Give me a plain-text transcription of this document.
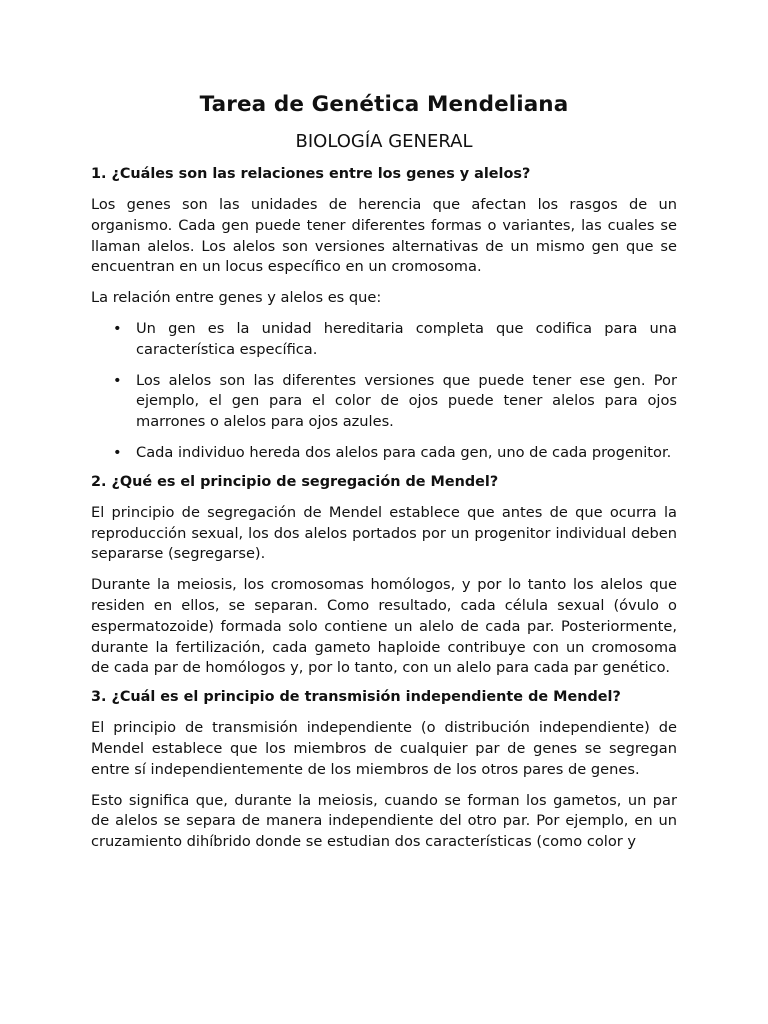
Tarea de Genética Mendeliana
BIOLOGÍA GENERAL
1. ¿Cuáles son las relaciones entre los genes y alelos?

Los genes son las unidades de herencia que afectan los rasgos de un organismo. Cada gen puede tener diferentes formas o variantes, las cuales se llaman alelos. Los alelos son versiones alternativas de un mismo gen que se encuentran en un locus específico en un cromosoma.

La relación entre genes y alelos es que:

• Un gen es la unidad hereditaria completa que codifica para una característica específica.
• Los alelos son las diferentes versiones que puede tener ese gen. Por ejemplo, el gen para el color de ojos puede tener alelos para ojos marrones o alelos para ojos azules.
• Cada individuo hereda dos alelos para cada gen, uno de cada progenitor.
2. ¿Qué es el principio de segregación de Mendel?

El principio de segregación de Mendel establece que antes de que ocurra la reproducción sexual, los dos alelos portados por un progenitor individual deben separarse (segregarse).

Durante la meiosis, los cromosomas homólogos, y por lo tanto los alelos que residen en ellos, se separan. Como resultado, cada célula sexual (óvulo o espermatozoide) formada solo contiene un alelo de cada par. Posteriormente, durante la fertilización, cada gameto haploide contribuye con un cromosoma de cada par de homólogos y, por lo tanto, con un alelo para cada par genético.

3. ¿Cuál es el principio de transmisión independiente de Mendel?

El principio de transmisión independiente (o distribución independiente) de Mendel establece que los miembros de cualquier par de genes se segregan entre sí independientemente de los miembros de los otros pares de genes.

Esto significa que, durante la meiosis, cuando se forman los gametos, un par de alelos se separa de manera independiente del otro par. Por ejemplo, en un cruzamiento dihíbrido donde se estudian dos características (como color y
